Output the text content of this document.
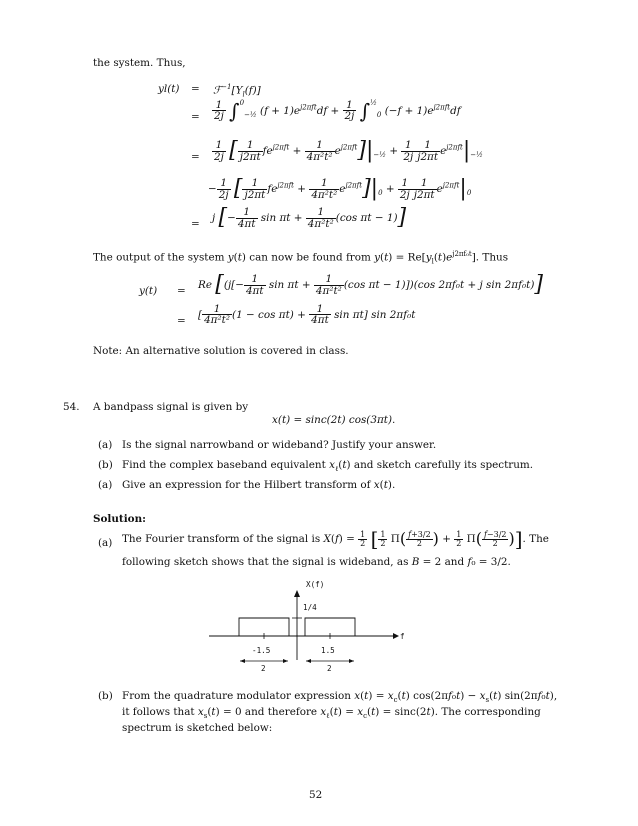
the system. Thus,
$yl(t) = ℱ^{-1}[Y_l(f)]$
= $\frac{1}{2j} \int^0_{-\frac{1}{2}}$ $(f + 1)e^{j2\pi ft}df + \frac{1}{2j} \int^{\frac{1}{2}}_0$ $(-f + 1)e^{j2\pi ft}df$
= $\frac{1}{2j}$ [ $\frac{1}{j2\pi t} fe^{j2\pi ft} + \frac{1}{\text{4π²t²}} e^{j2\pi ft}]|_{-\frac{1}{2}} + \frac{1}{2j} \frac{1}{j2\pi t} e^{j2\pi ft}|_{-\frac{1}{2}}$
− $\frac{1}{2j}$ [ $\frac{1}{j2\pi t} fe^{j2\pi ft} + \frac{1}{\text{4π²t²}} e^{j2\pi ft}]|_0 + \frac{1}{2j} \frac{1}{j2\pi t} e^{j2\pi ft}|_0$
= j [− $\frac{1}{4\pi t}$ $\sin \pi t + \frac{1}{\text{4π²t²}} (\cos$ πt − 1)]
The output of the system y(t) can now be found from $y(t) = Re[y_l(t)e^{j2\pi f_0t}]$. Thus
y(t) = Re [($j[- \frac{1}{4\pi t}$ $\sin \pi t + \frac{1}{\text{4π²t²}} (\cos$ πt − 1)])(cos 2πf₀t + j sin 2πf₀t)]
=
[ $\frac{1}{\text{4π²t²}} (1 - \cos \pi t) + \frac{1}{4\pi t}$ sin πt] sin 2πf₀t
Note: An alternative solution is covered in class.
54. A bandpass signal is given by
x(t) = sinc(2t) cos(3πt).
(a) Is the signal narrowband or wideband? Justify your answer.
(b) Find the complex baseband equivalent $x_\ell(t)$ and sketch carefully its spectrum.
(a) Give an expression for the Hilbert transform of x(t).
Solution:
(a) The Fourier transform of the signal is $X(f) = \frac{1}{2}$ [ $\frac{1}{2} \Pi( \frac{f+3/2}{2}$ ) + $\frac{1}{2} \Pi( \frac{f-3/2}{2}$ )]. The
following sketch shows that the signal is wideband, as B = 2 and f₀ = 3/2.
X(f)
1/4
f
-1.5	1.5
2	2
(b) From the quadrature modulator expression $x(t) = x_c(t) \cos(2\pi f_0t) - x_s(t)$ sin(2πf₀t),
it follows that $x_s(t) = 0$ and therefore $x_\ell(t) = x_c(t) = \sin c(2t)$. The corresponding
spectrum is sketched below:
52
